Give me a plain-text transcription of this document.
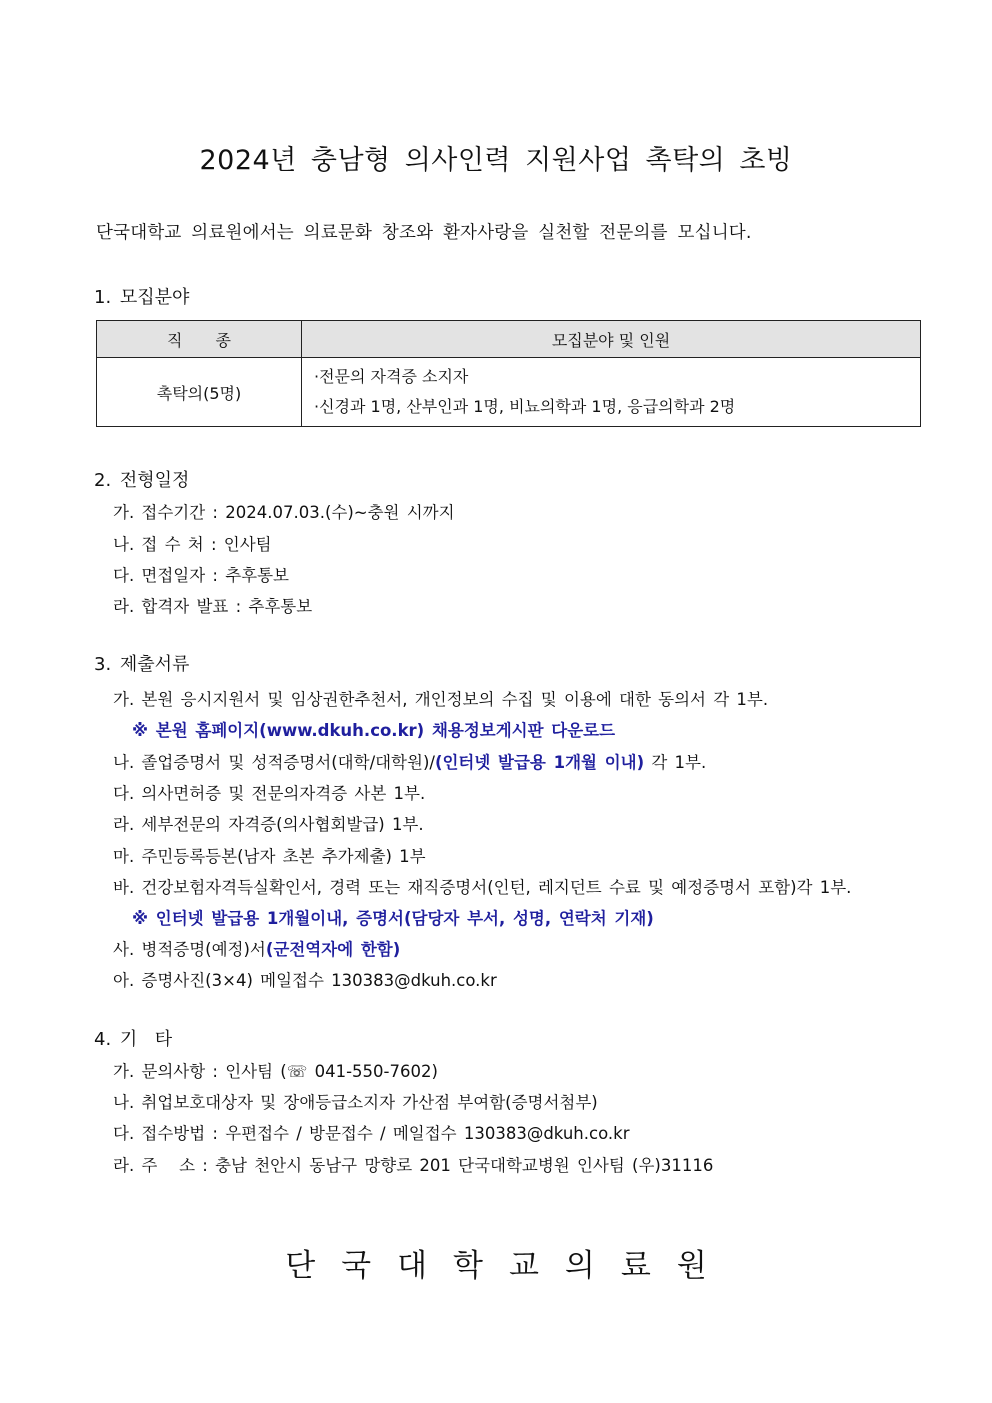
2024년 충남형 의사인력 지원사업 촉탁의 초빙
단국대학교 의료원에서는 의료문화 창조와 환자사랑을 실천할 전문의를 모십니다.
1. 모집분야
직 종	모집분야 및 인원
촉탁의(5명)	·전문의 자격증 소지자
·신경과 1명, 산부인과 1명, 비뇨의학과 1명, 응급의학과 2명
2. 전형일정
가. 접수기간 : 2024.07.03.(수)~충원 시까지
나. 접 수 처 : 인사팀
다. 면접일자 : 추후통보
라. 합격자 발표 : 추후통보
3. 제출서류
가. 본원 응시지원서 및 임상권한추천서, 개인정보의 수집 및 이용에 대한 동의서 각 1부.
※ 본원 홈페이지(www.dkuh.co.kr) 채용정보게시판 다운로드
나. 졸업증명서 및 성적증명서(대학/대학원)/(인터넷 발급용 1개월 이내) 각 1부.
다. 의사면허증 및 전문의자격증 사본 1부.
라. 세부전문의 자격증(의사협회발급) 1부.
마. 주민등록등본(남자 초본 추가제출) 1부
바. 건강보험자격득실확인서, 경력 또는 재직증명서(인턴, 레지던트 수료 및 예정증명서 포함)각 1부.
※ 인터넷 발급용 1개월이내, 증명서(담당자 부서, 성명, 연락처 기재)
사. 병적증명(예정)서(군전역자에 한함)
아. 증명사진(3×4) 메일접수 130383@dkuh.co.kr
4. 기  타
가. 문의사항 : 인사팀 (☏ 041-550-7602)
나. 취업보호대상자 및 장애등급소지자 가산점 부여함(증명서첨부)
다. 접수방법 : 우편접수 / 방문접수 / 메일접수 130383@dkuh.co.kr
라. 주   소 : 충남 천안시 동남구 망향로 201 단국대학교병원 인사팀 (우)31116
단국대학교의료원
